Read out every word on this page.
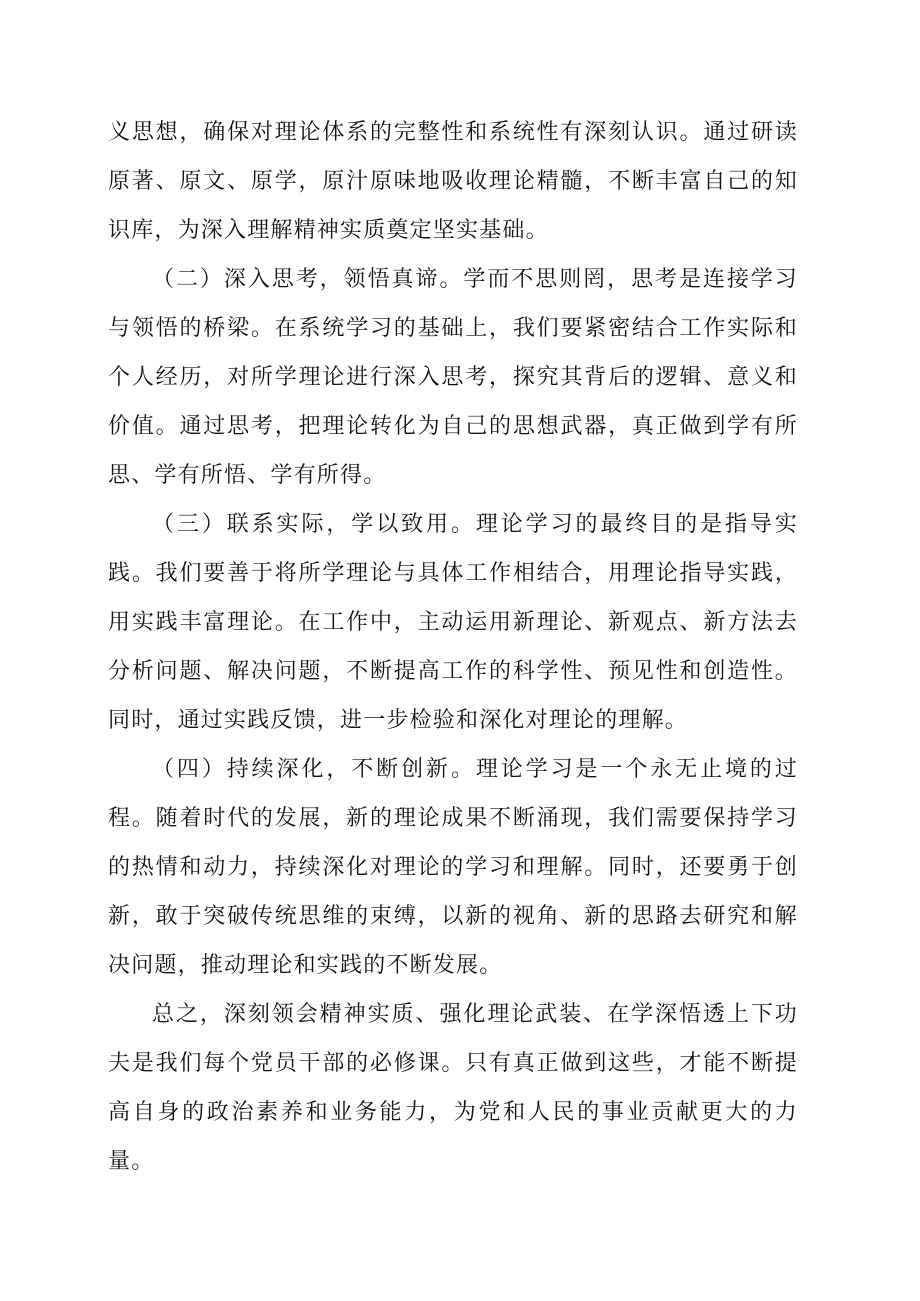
义思想，确保对理论体系的完整性和系统性有深刻认识。通过研读原著、原文、原学，原汁原味地吸收理论精髓，不断丰富自己的知识库，为深入理解精神实质奠定坚实基础。

（二）深入思考，领悟真谛。学而不思则罔，思考是连接学习与领悟的桥梁。在系统学习的基础上，我们要紧密结合工作实际和个人经历，对所学理论进行深入思考，探究其背后的逻辑、意义和价值。通过思考，把理论转化为自己的思想武器，真正做到学有所思、学有所悟、学有所得。

（三）联系实际，学以致用。理论学习的最终目的是指导实践。我们要善于将所学理论与具体工作相结合，用理论指导实践，用实践丰富理论。在工作中，主动运用新理论、新观点、新方法去分析问题、解决问题，不断提高工作的科学性、预见性和创造性。同时，通过实践反馈，进一步检验和深化对理论的理解。

（四）持续深化，不断创新。理论学习是一个永无止境的过程。随着时代的发展，新的理论成果不断涌现，我们需要保持学习的热情和动力，持续深化对理论的学习和理解。同时，还要勇于创新，敢于突破传统思维的束缚，以新的视角、新的思路去研究和解决问题，推动理论和实践的不断发展。

总之，深刻领会精神实质、强化理论武装、在学深悟透上下功夫是我们每个党员干部的必修课。只有真正做到这些，才能不断提高自身的政治素养和业务能力，为党和人民的事业贡献更大的力量。
